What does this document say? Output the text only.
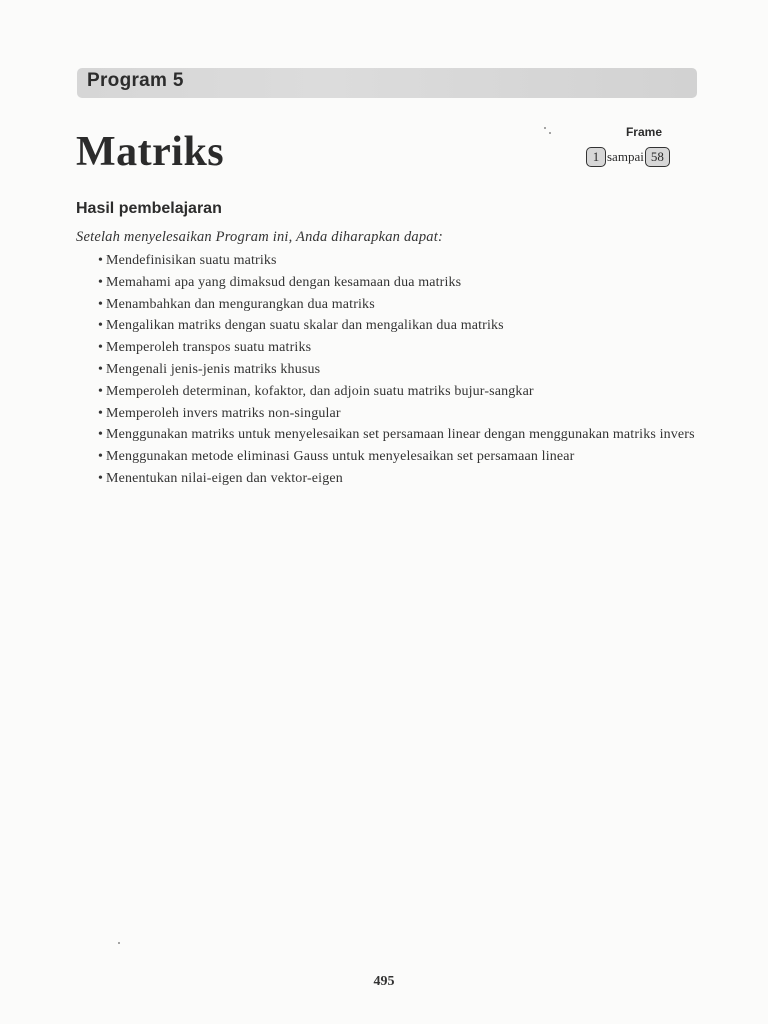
Program 5
Matriks	Frame
1 sampai 58
Hasil pembelajaran
Setelah menyelesaikan Program ini, Anda diharapkan dapat:
• Mendefinisikan suatu matriks
• Memahami apa yang dimaksud dengan kesamaan dua matriks
• Menambahkan dan mengurangkan dua matriks
• Mengalikan matriks dengan suatu skalar dan mengalikan dua matriks
• Memperoleh transpos suatu matriks
• Mengenali jenis-jenis matriks khusus
• Memperoleh determinan, kofaktor, dan adjoin suatu matriks bujur-sangkar
• Memperoleh invers matriks non-singular
• Menggunakan matriks untuk menyelesaikan set persamaan linear dengan menggunakan matriks invers
• Menggunakan metode eliminasi Gauss untuk menyelesaikan set persamaan linear
• Menentukan nilai-eigen dan vektor-eigen
495
